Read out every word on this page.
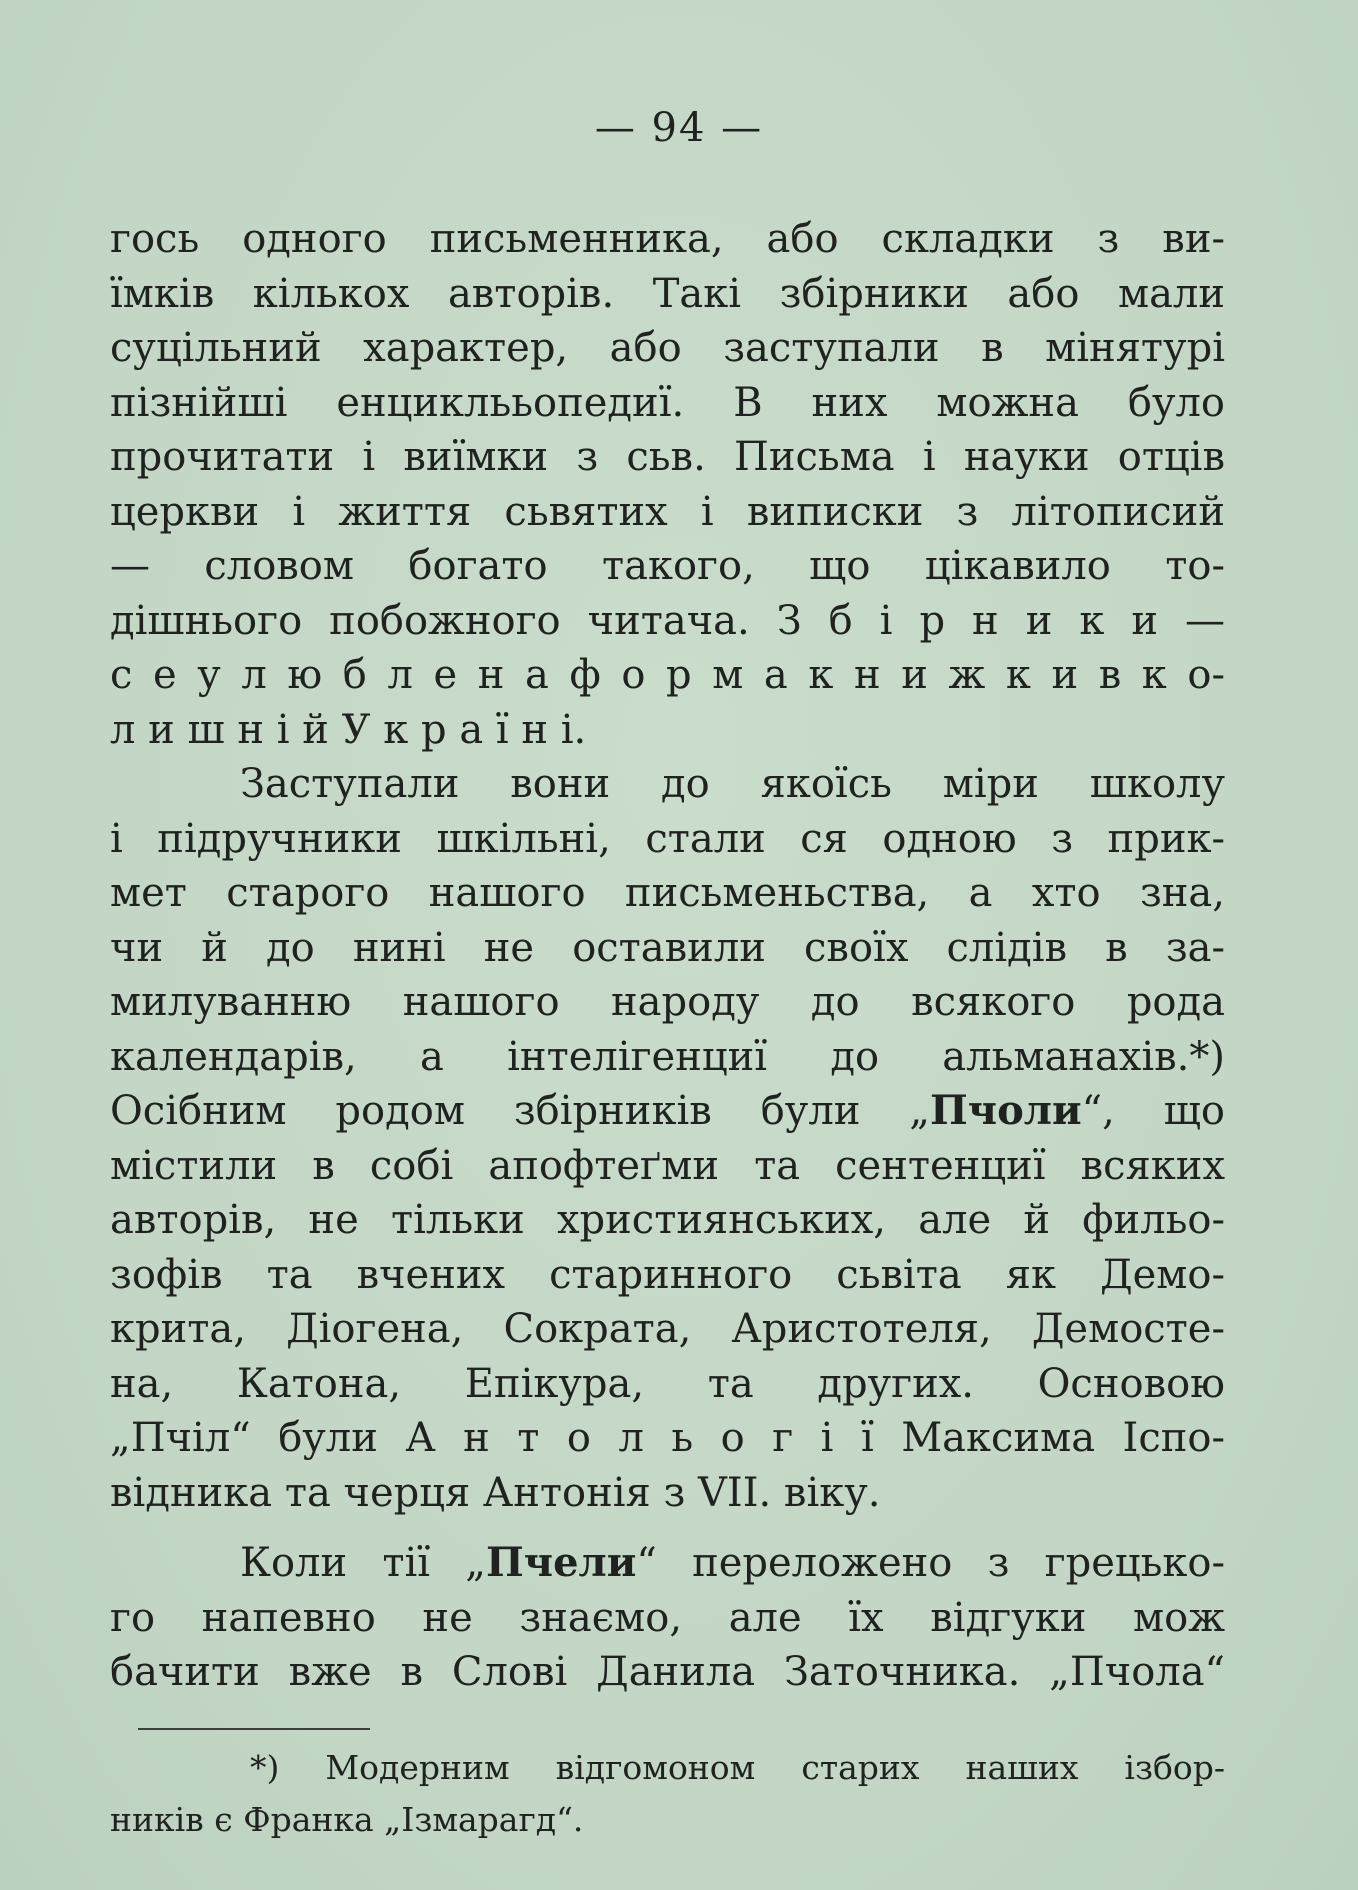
— 94 —
гось одного письменника, або складки з ви-
їмків кількох авторів. Такі збірники або мали
суцільний характер, або заступали в мінятурі
пізнійші енциклььопедиї. В них можна було
прочитати і виїмки з сьв. Письма і науки отців
церкви і життя сьвятих і виписки з літописий
— словом богато такого, що цікавило то-
дішнього побожного читача. З б і р н и к и —
с е у л ю б л е н а ф о р м а к н и ж к и в к о-
л и ш н і й У к р а ї н і.
Заступали вони до якоїсь міри школу
і підручники шкільні, стали ся одною з прик-
мет старого нашого письменьства, а хто зна,
чи й до нині не оставили своїх слідів в за-
милуванню нашого народу до всякого рода
календарів, а інтелігенциї до альманахів.*)
Осібним родом збірників були „Пчоли“, що
містили в собі апофтеґми та сентенциї всяких
авторів, не тільки християнських, але й фильо-
зофів та вчених старинного сьвіта як Демо-
крита, Діогена, Сократа, Аристотеля, Демосте-
на, Катона, Епікура, та других. Основою
„Пчіл“ були А н т о л ь о г і ї Максима Іспо-
відника та черця Антонія з VII. віку.
Коли тії „Пчели“ переложено з грецько-
го напевно не знаємо, але їх відгуки мож
бачити вже в Слові Данила Заточника. „Пчола“
*) Модерним відгомоном старих наших ізбор-
ників є Франка „Ізмарагд“.
